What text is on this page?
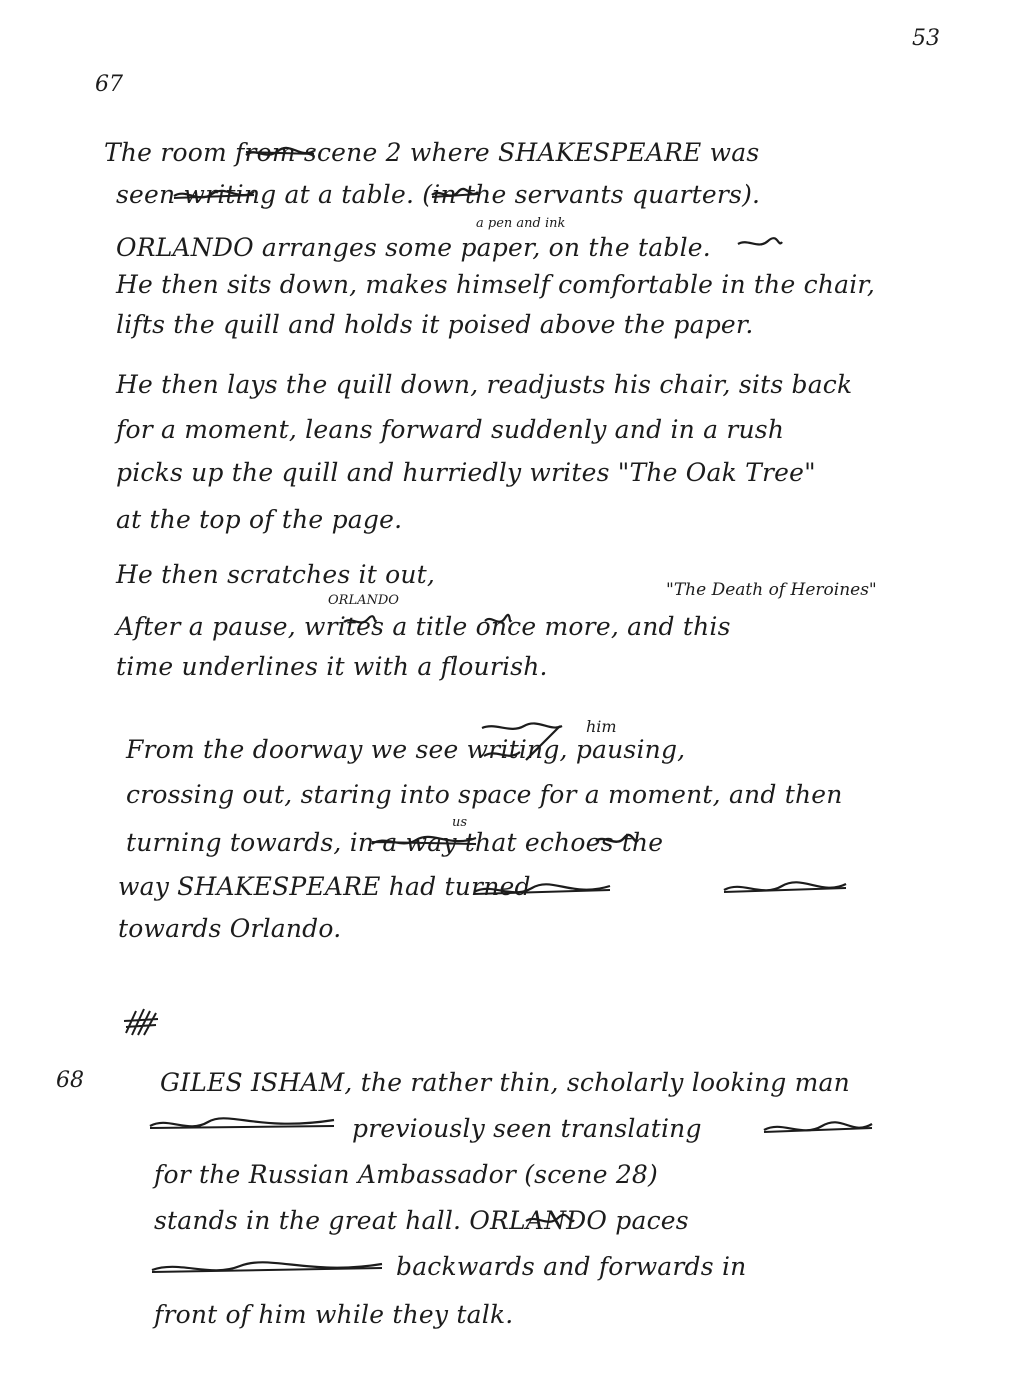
53
67
a pen and ink
ORLANDO
"The Death of Heroines"
him
us
The room from scene 2 where SHAKESPEARE was
seen writing at a table. (in the servants quarters).
ORLANDO arranges some paper, on the table.
He then sits down, makes himself comfortable in the chair,
lifts the quill and holds it poised above the paper.
He then lays the quill down, readjusts his chair, sits back
for a moment, leans forward suddenly and in a rush
picks up the quill and hurriedly writes "The Oak Tree"
at the top of the page.
He then scratches it out,
After a pause, writes a title once more, and this
time underlines it with a flourish.
From the doorway we see writing, pausing,
crossing out, staring into space for a moment, and then
turning towards, in a way that echoes the
way SHAKESPEARE had turned
towards Orlando.
68	GILES ISHAM, the rather thin, scholarly looking man
previously seen translating
for the Russian Ambassador (scene 28)
stands in the great hall. ORLANDO paces
backwards and forwards in
front of him while they talk.
